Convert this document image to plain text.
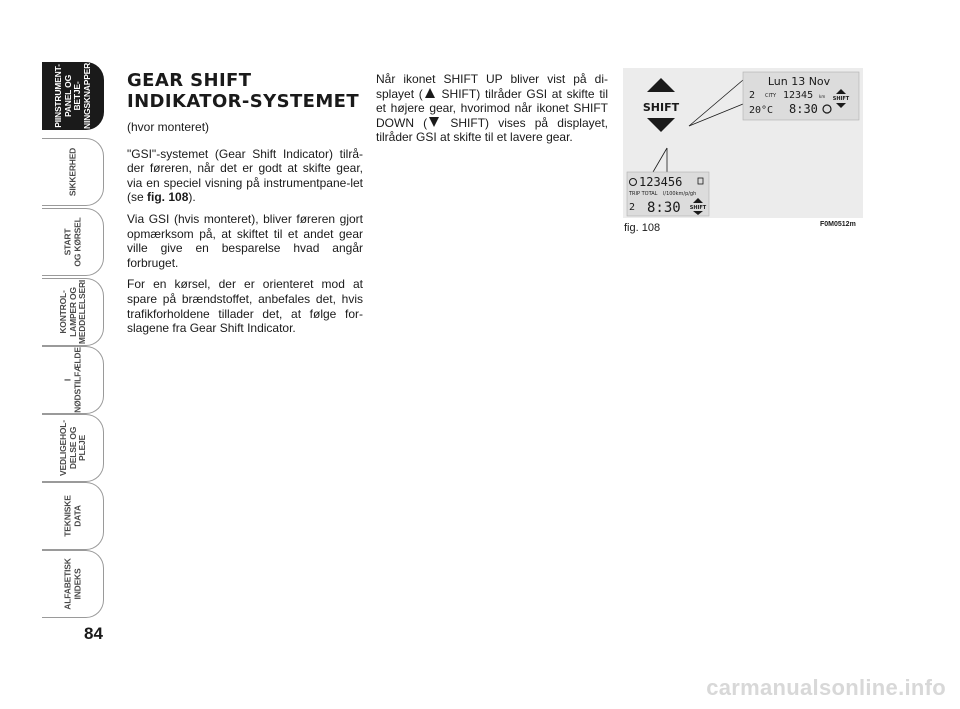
PIINSTRUMENT-
PANEL OG BETJE-
NINGSKNAPPER
SIKKERHED
START
OG KØRSEL
KONTROL-
LAMPER OG
MEDDELELSERI
I
NØDSTILFÆLDE
VEDLIGEHOL-
DELSE OG
PLEJE
TEKNISKE
DATA
ALFABETISK
INDEKS
84
GEAR SHIFT
INDIKATOR-SYSTEMET

(hvor monteret)

"GSI"-systemet (Gear Shift Indicator) tilrå-der føreren, når det er godt at skifte gear, via en speciel visning på instrumentpane-let (se fig. 108).

Via GSI (hvis monteret), bliver føreren gjort opmærksom på, at skiftet til et andet gear ville give en besparelse hvad angår forbruget.

For en kørsel, der er orienteret mod at spare på brændstoffet, anbefales det, hvis trafikforholdene tillader det, at følge for-slagene fra Gear Shift Indicator.

Når ikonet SHIFT UP bliver vist på di-splayet ( SHIFT) tilråder GSI at skifte til et højere gear, hvorimod når ikonet SHIFT DOWN ( SHIFT) vises på displayet, tilråder GSI at skifte til et lavere gear.

SHIFT
Lun 13 Nov
2 CITY 12345 km SHIFT
20°C 8:30
123456
TRIP TOTAL l/100km/p/gh
2 8:30 SHIFT
fig. 108	F0M0512m
carmanualsonline.info
